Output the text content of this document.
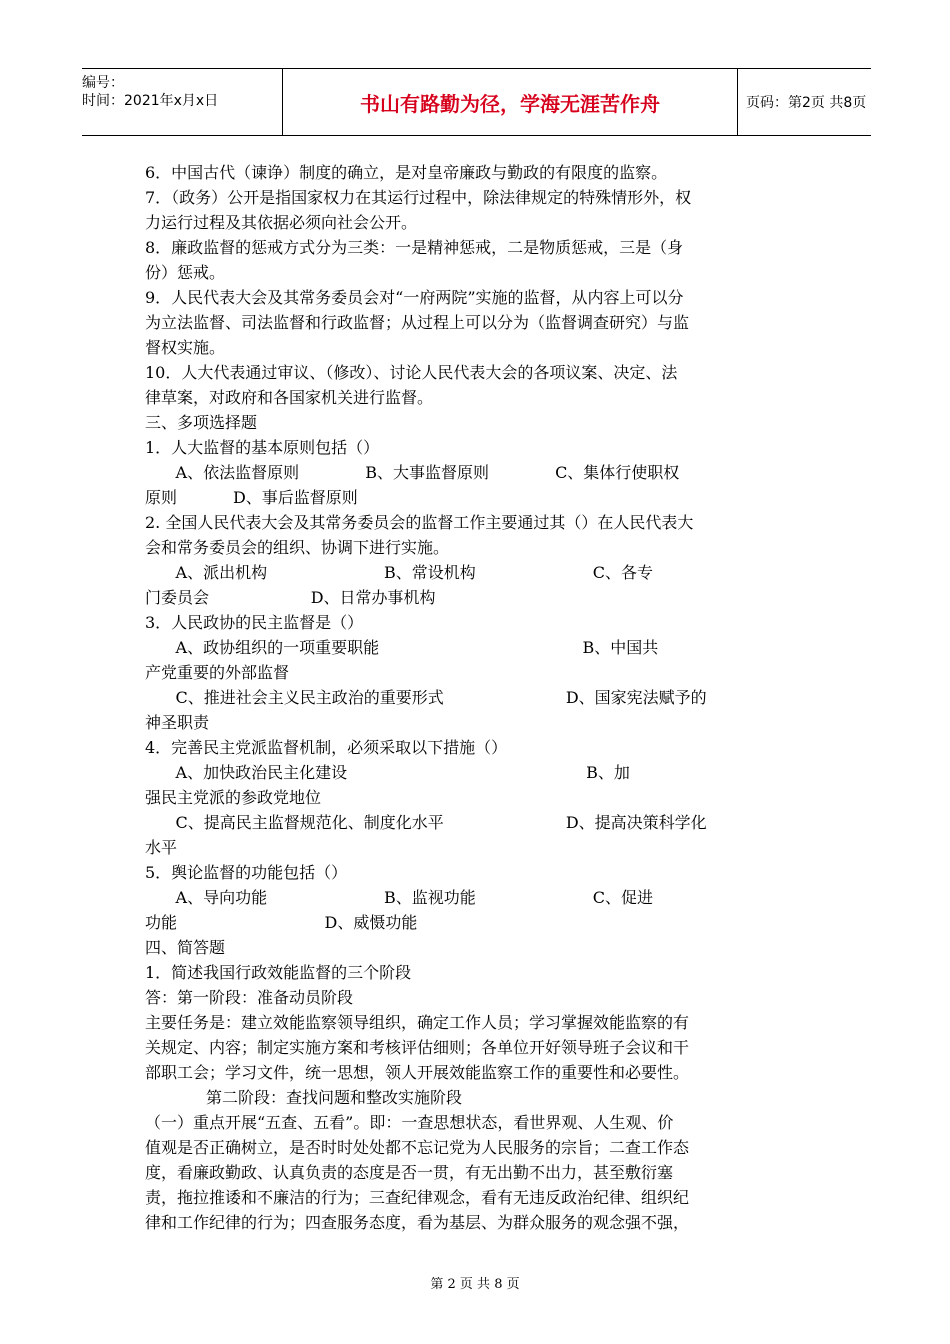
编号：
时间：2021年x月x日	书山有路勤为径，学海无涯苦作舟	页码：第2页 共8页
6．中国古代（谏诤）制度的确立，是对皇帝廉政与勤政的有限度的监察。
7．（政务）公开是指国家权力在其运行过程中，除法律规定的特殊情形外，权
力运行过程及其依据必须向社会公开。
8．廉政监督的惩戒方式分为三类：一是精神惩戒，二是物质惩戒，三是（身
份）惩戒。
9．人民代表大会及其常务委员会对“一府两院”实施的监督，从内容上可以分
为立法监督、司法监督和行政监督；从过程上可以分为（监督调查研究）与监
督权实施。
10．人大代表通过审议、（修改）、讨论人民代表大会的各项议案、决定、法
律草案，对政府和各国家机关进行监督。
三、多项选择题
1．人大监督的基本原则包括（）
A、依法监督原则             B、大事监督原则             C、集体行使职权
原则           D、事后监督原则
2. 全国人民代表大会及其常务委员会的监督工作主要通过其（）在人民代表大
会和常务委员会的组织、协调下进行实施。
A、派出机构                       B、常设机构                       C、各专
门委员会                    D、日常办事机构
3．人民政协的民主监督是（）
A、政协组织的一项重要职能                                        B、中国共
产党重要的外部监督
C、推进社会主义民主政治的重要形式                        D、国家宪法赋予的
神圣职责
4．完善民主党派监督机制，必须采取以下措施（）
A、加快政治民主化建设                                               B、加
强民主党派的参政党地位
C、提高民主监督规范化、制度化水平                        D、提高决策科学化
水平
5．舆论监督的功能包括（）
A、导向功能                       B、监视功能                       C、促进
功能                             D、威慑功能
四、简答题
1．简述我国行政效能监督的三个阶段
答：第一阶段：准备动员阶段
主要任务是：建立效能监察领导组织，确定工作人员；学习掌握效能监察的有
关规定、内容；制定实施方案和考核评估细则；各单位开好领导班子会议和干
部职工会；学习文件，统一思想，领人开展效能监察工作的重要性和必要性。
第二阶段：查找问题和整改实施阶段
（一）重点开展“五查、五看”。即：一查思想状态，看世界观、人生观、价
值观是否正确树立，是否时时处处都不忘记党为人民服务的宗旨；二查工作态
度，看廉政勤政、认真负责的态度是否一贯，有无出勤不出力，甚至敷衍塞
责，拖拉推诿和不廉洁的行为；三查纪律观念，看有无违反政治纪律、组织纪
律和工作纪律的行为；四查服务态度，看为基层、为群众服务的观念强不强，
第 2 页 共 8 页
